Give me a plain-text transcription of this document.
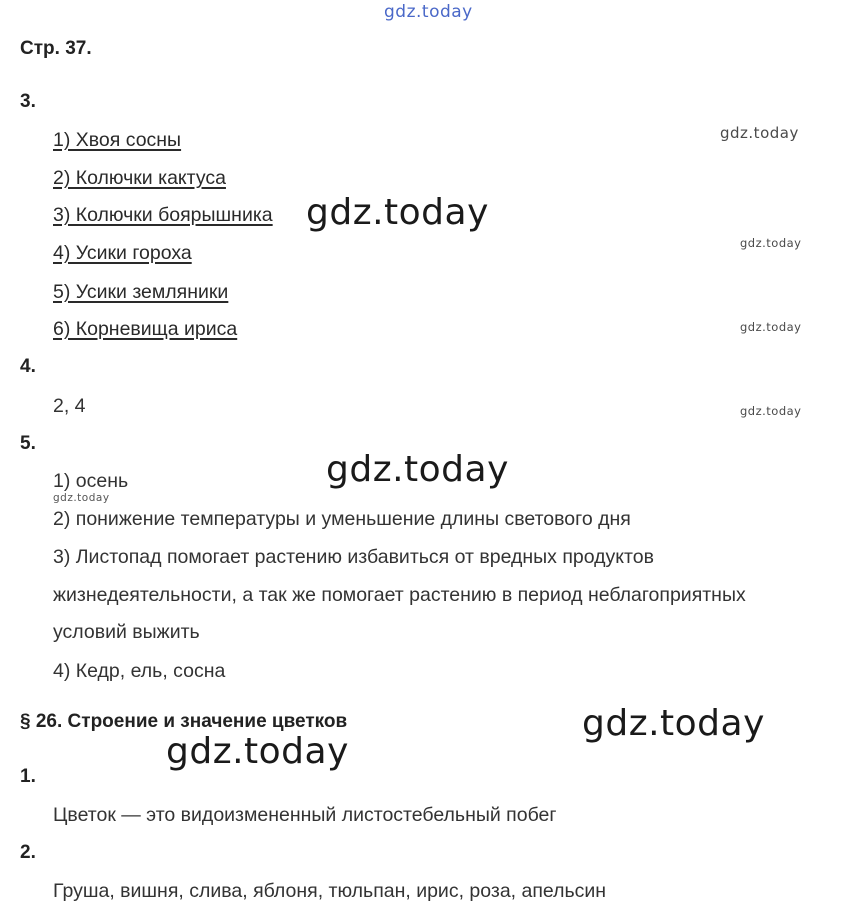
gdz.today
Стр. 37.
3.
1) Хвоя сосны
2) Колючки кактуса
3) Колючки боярышника
4) Усики гороха
5) Усики земляники
6) Корневища ириса
4.
2, 4
5.
1) осень
2) понижение температуры и уменьшение длины светового дня
3) Листопад помогает растению избавиться от вредных продуктов
жизнедеятельности, а так же помогает растению в период неблагоприятных
условий выжить
4) Кедр, ель, сосна
§ 26. Строение и значение цветков
1.
Цветок — это видоизмененный листостебельный побег
2.
Груша, вишня, слива, яблоня, тюльпан, ирис, роза, апельсин
gdz.today
gdz.today
gdz.today
gdz.today
gdz.today
gdz.today
gdz.today
gdz.today
gdz.today
